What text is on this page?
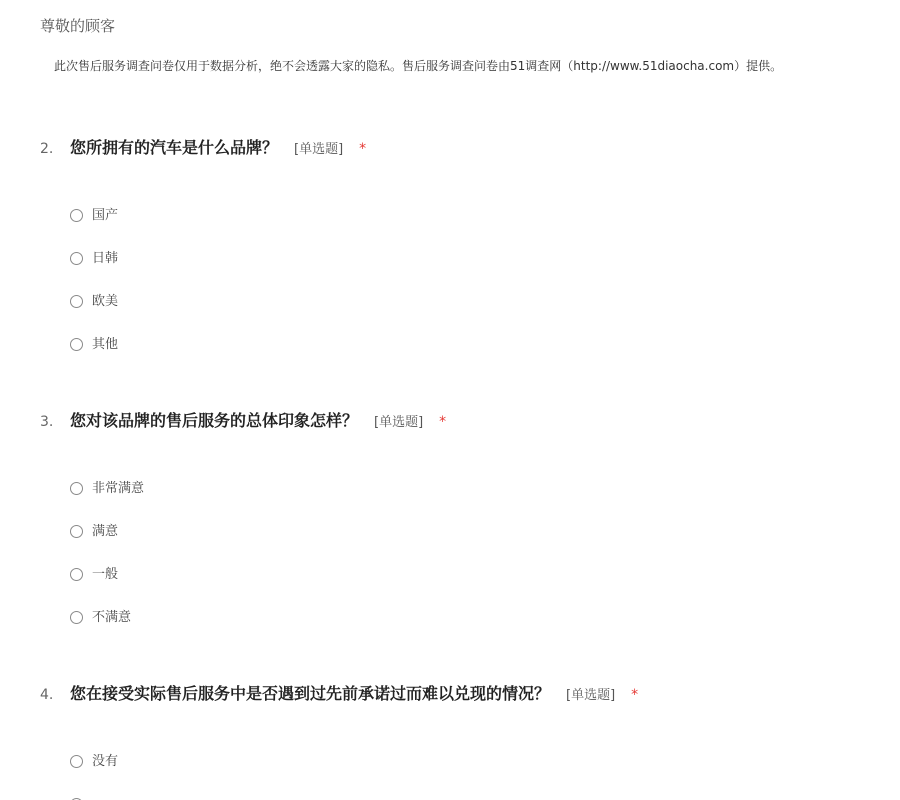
尊敬的顾客
此次售后服务调查问卷仅用于数据分析，绝不会透露大家的隐私。售后服务调查问卷由51调查网（http://www.51diaocha.com）提供。
2.	您所拥有的汽车是什么品牌？ [单选题] *
国产
日韩
欧美
其他
3.	您对该品牌的售后服务的总体印象怎样？ [单选题] *
非常满意
满意
一般
不满意
4.	您在接受实际售后服务中是否遇到过先前承诺过而难以兑现的情况？ [单选题] *
没有
